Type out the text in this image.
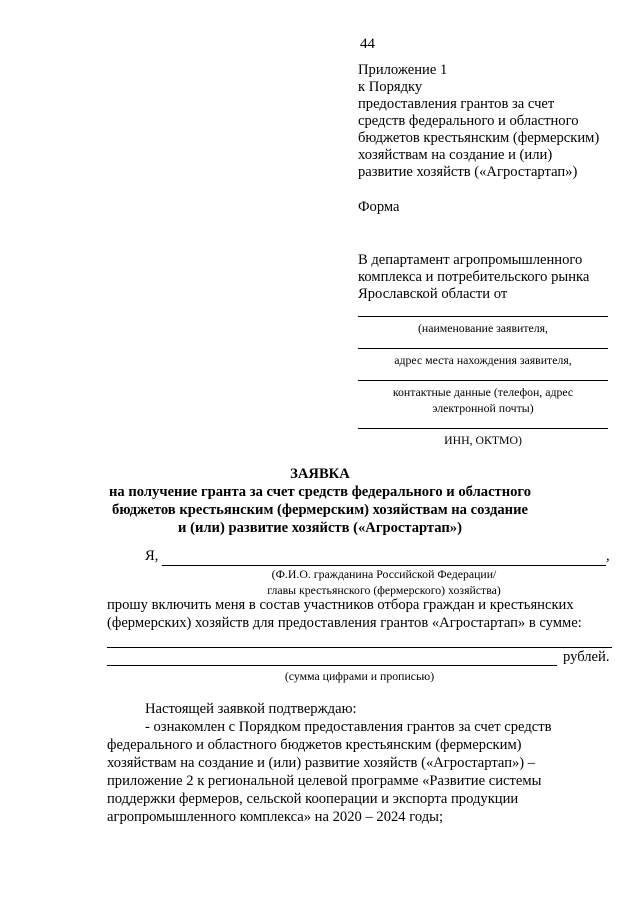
44
Приложение 1
к Порядку
предоставления грантов за счет
средств федерального и областного
бюджетов крестьянским (фермерским)
хозяйствам на создание и (или)
развитие хозяйств («Агростартап»)
Форма
В департамент агропромышленного
комплекса и потребительского рынка
Ярославской области от
(наименование заявителя,
адрес места нахождения заявителя,
контактные данные (телефон, адрес
электронной почты)
ИНН, ОКТМО)
ЗАЯВКА
на получение гранта за счет средств федерального и областного
бюджетов крестьянским (фермерским) хозяйствам на создание
и (или) развитие хозяйств («Агростартап»)
Я,	,
(Ф.И.О. гражданина Российской Федерации/
главы крестьянского (фермерского) хозяйства)
прошу включить меня в состав участников отбора граждан и крестьянских
(фермерских) хозяйств для предоставления грантов «Агростартап» в сумме:
рублей.
(сумма цифрами и прописью)
Настоящей заявкой подтверждаю:
- ознакомлен с Порядком предоставления грантов за счет средств
федерального и областного бюджетов крестьянским (фермерским)
хозяйствам на создание и (или) развитие хозяйств («Агростартап») –
приложение 2 к региональной целевой программе «Развитие системы
поддержки фермеров, сельской кооперации и экспорта продукции
агропромышленного комплекса» на 2020 – 2024 годы;
